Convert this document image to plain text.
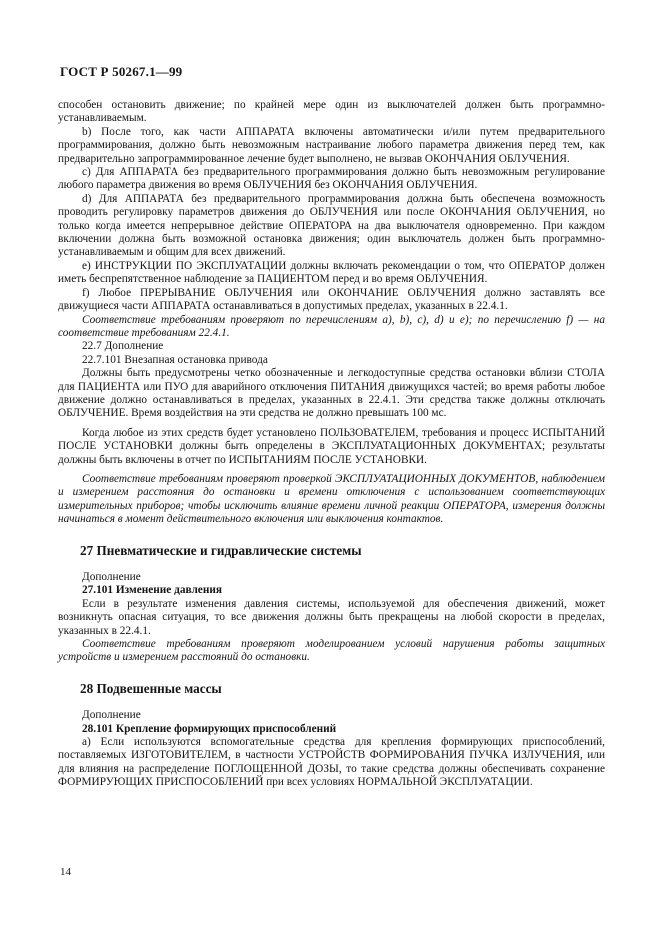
ГОСТ Р 50267.1—99

способен остановить движение; по крайней мере один из выключателей должен быть программно-устанавливаемым.

b) После того, как части АППАРАТА включены автоматически и/или путем предварительного программирования, должно быть невозможным настраивание любого параметра движения перед тем, как предварительно запрограммированное лечение будет выполнено, не вызвав ОКОНЧАНИЯ ОБЛУЧЕНИЯ.

c) Для АППАРАТА без предварительного программирования должно быть невозможным регулирование любого параметра движения во время ОБЛУЧЕНИЯ без ОКОНЧАНИЯ ОБЛУЧЕНИЯ.

d) Для АППАРАТА без предварительного программирования должна быть обеспечена возможность проводить регулировку параметров движения до ОБЛУЧЕНИЯ или после ОКОНЧАНИЯ ОБЛУЧЕНИЯ, но только когда имеется непрерывное действие ОПЕРАТОРА на два выключателя одновременно. При каждом включении должна быть возможной остановка движения; один выключатель должен быть программно-устанавливаемым и общим для всех движений.

e) ИНСТРУКЦИИ ПО ЭКСПЛУАТАЦИИ должны включать рекомендации о том, что ОПЕРАТОР должен иметь беспрепятственное наблюдение за ПАЦИЕНТОМ перед и во время ОБЛУЧЕНИЯ.

f) Любое ПРЕРЫВАНИЕ ОБЛУЧЕНИЯ или ОКОНЧАНИЕ ОБЛУЧЕНИЯ должно заставлять все движущиеся части АППАРАТА останавливаться в допустимых пределах, указанных в 22.4.1.

Соответствие требованиям проверяют по перечислениям a), b), c), d) и e); по перечислению f) — на соответствие требованиям 22.4.1.

22.7 Дополнение

22.7.101 Внезапная остановка привода

Должны быть предусмотрены четко обозначенные и легкодоступные средства остановки вблизи СТОЛА для ПАЦИЕНТА или ПУО для аварийного отключения ПИТАНИЯ движущихся частей; во время работы любое движение должно останавливаться в пределах, указанных в 22.4.1. Эти средства также должны отключать ОБЛУЧЕНИЕ. Время воздействия на эти средства не должно превышать 100 мс.

Когда любое из этих средств будет установлено ПОЛЬЗОВАТЕЛЕМ, требования и процесс ИСПЫТАНИЙ ПОСЛЕ УСТАНОВКИ должны быть определены в ЭКСПЛУАТАЦИОННЫХ ДОКУМЕНТАХ; результаты должны быть включены в отчет по ИСПЫТАНИЯМ ПОСЛЕ УСТАНОВКИ.

Соответствие требованиям проверяют проверкой ЭКСПЛУАТАЦИОННЫХ ДОКУМЕНТОВ, наблюдением и измерением расстояния до остановки и времени отключения с использованием соответствующих измерительных приборов; чтобы исключить влияние времени личной реакции ОПЕРАТОРА, измерения должны начинаться в момент действительного включения или выключения контактов.

27 Пневматические и гидравлические системы

Дополнение

27.101 Изменение давления

Если в результате изменения давления системы, используемой для обеспечения движений, может возникнуть опасная ситуация, то все движения должны быть прекращены на любой скорости в пределах, указанных в 22.4.1.

Соответствие требованиям проверяют моделированием условий нарушения работы защитных устройств и измерением расстояний до остановки.

28 Подвешенные массы

Дополнение

28.101 Крепление формирующих приспособлений

a) Если используются вспомогательные средства для крепления формирующих приспособлений, поставляемых ИЗГОТОВИТЕЛЕМ, в частности УСТРОЙСТВ ФОРМИРОВАНИЯ ПУЧКА ИЗЛУЧЕНИЯ, или для влияния на распределение ПОГЛОЩЕННОЙ ДОЗЫ, то такие средства должны обеспечивать сохранение ФОРМИРУЮЩИХ ПРИСПОСОБЛЕНИЙ при всех условиях НОРМАЛЬНОЙ ЭКСПЛУАТАЦИИ.

14
